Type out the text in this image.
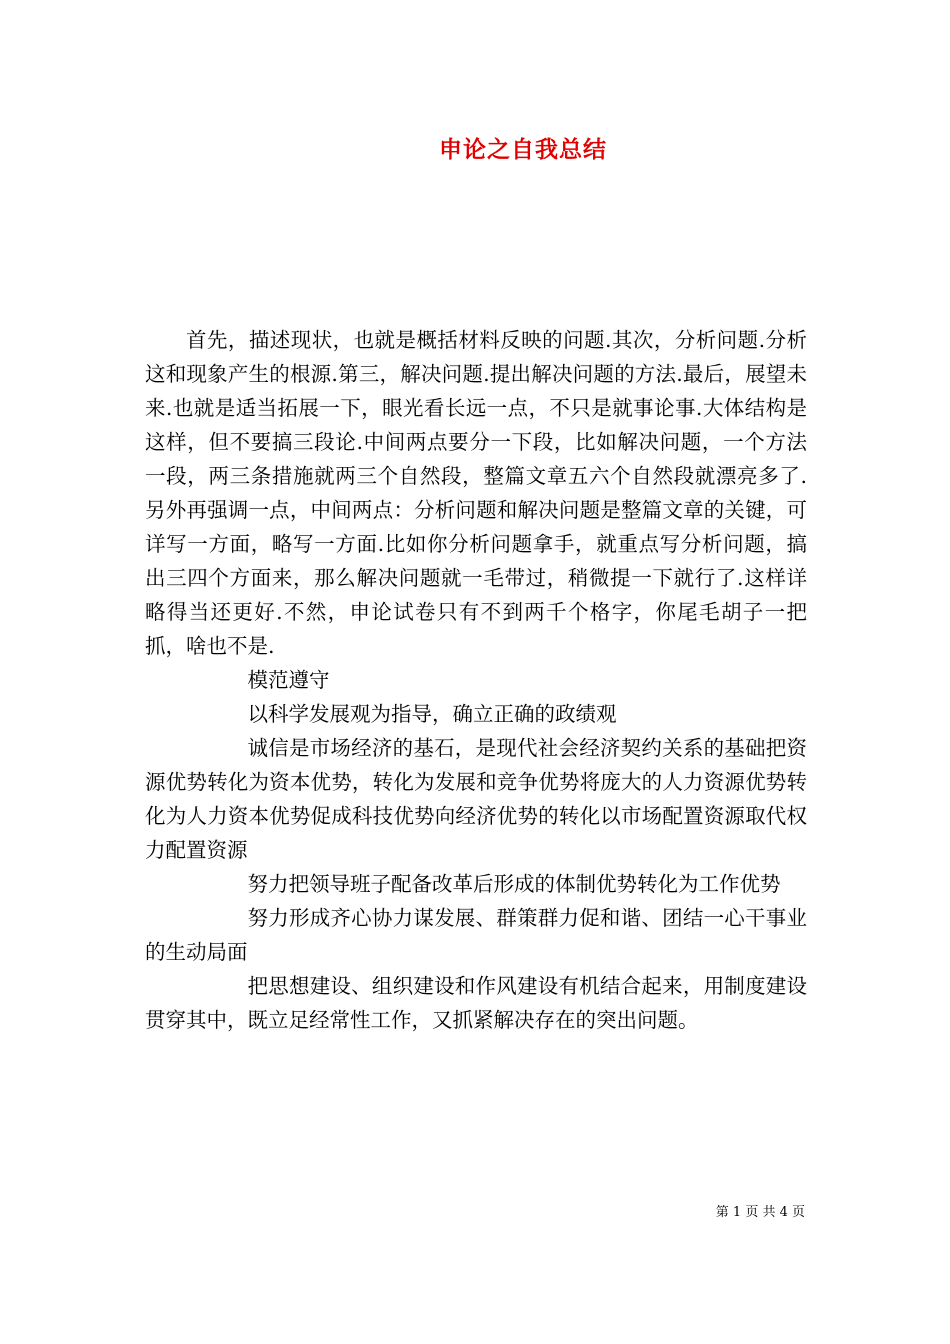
申论之自我总结

首先，描述现状，也就是概括材料反映的问题.其次，分析问题.分析这和现象产生的根源.第三，解决问题.提出解决问题的方法.最后，展望未来.也就是适当拓展一下，眼光看长远一点，不只是就事论事.大体结构是这样，但不要搞三段论.中间两点要分一下段，比如解决问题，一个方法一段，两三条措施就两三个自然段，整篇文章五六个自然段就漂亮多了.另外再强调一点，中间两点：分析问题和解决问题是整篇文章的关键，可详写一方面，略写一方面.比如你分析问题拿手，就重点写分析问题，搞出三四个方面来，那么解决问题就一毛带过，稍微提一下就行了.这样详略得当还更好.不然，申论试卷只有不到两千个格字，你尾毛胡子一把抓，啥也不是.

模范遵守

以科学发展观为指导，确立正确的政绩观

诚信是市场经济的基石，是现代社会经济契约关系的基础把资源优势转化为资本优势，转化为发展和竞争优势将庞大的人力资源优势转化为人力资本优势促成科技优势向经济优势的转化以市场配置资源取代权力配置资源

努力把领导班子配备改革后形成的体制优势转化为工作优势

努力形成齐心协力谋发展、群策群力促和谐、团结一心干事业的生动局面

把思想建设、组织建设和作风建设有机结合起来，用制度建设贯穿其中，既立足经常性工作，又抓紧解决存在的突出问题。

第 1 页 共 4 页
